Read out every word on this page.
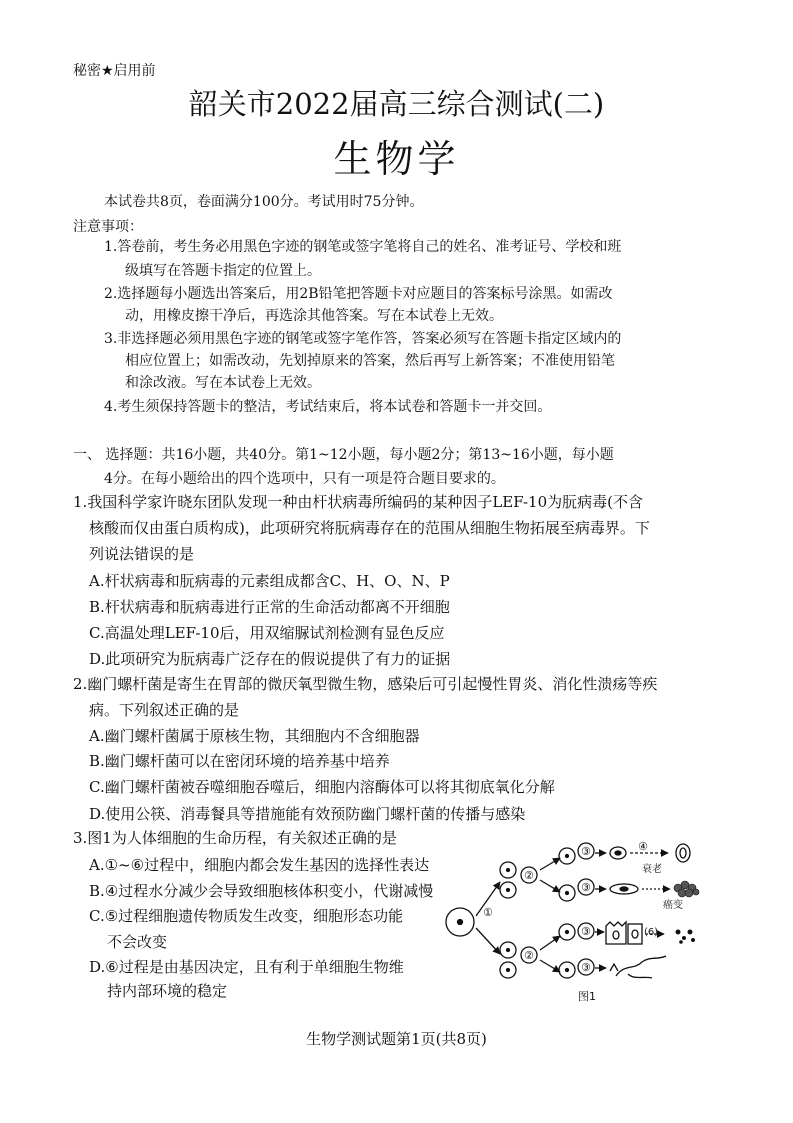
秘密★启用前
韶关市2022届高三综合测试(二)
生物学
本试卷共8页，卷面满分100分。考试用时75分钟。
注意事项：
1.答卷前，考生务必用黑色字迹的钢笔或签字笔将自己的姓名、准考证号、学校和班
级填写在答题卡指定的位置上。
2.选择题每小题选出答案后，用2B铅笔把答题卡对应题目的答案标号涂黑。如需改
动，用橡皮擦干净后，再选涂其他答案。写在本试卷上无效。
3.非选择题必须用黑色字迹的钢笔或签字笔作答，答案必须写在答题卡指定区域内的
相应位置上；如需改动，先划掉原来的答案，然后再写上新答案；不准使用铅笔
和涂改液。写在本试卷上无效。
4.考生须保持答题卡的整洁，考试结束后，将本试卷和答题卡一并交回。
一、 选择题：共16小题，共40分。第1~12小题，每小题2分；第13~16小题，每小题
4分。在每小题给出的四个选项中，只有一项是符合题目要求的。
1.我国科学家许晓东团队发现一种由杆状病毒所编码的某种因子LEF-10为朊病毒(不含
核酸而仅由蛋白质构成)，此项研究将朊病毒存在的范围从细胞生物拓展至病毒界。下
列说法错误的是
A.杆状病毒和朊病毒的元素组成都含C、H、O、N、P
B.杆状病毒和朊病毒进行正常的生命活动都离不开细胞
C.高温处理LEF-10后，用双缩脲试剂检测有显色反应
D.此项研究为朊病毒广泛存在的假说提供了有力的证据
2.幽门螺杆菌是寄生在胃部的微厌氧型微生物，感染后可引起慢性胃炎、消化性溃疡等疾
病。下列叙述正确的是
A.幽门螺杆菌属于原核生物，其细胞内不含细胞器
B.幽门螺杆菌可以在密闭环境的培养基中培养
C.幽门螺杆菌被吞噬细胞吞噬后，细胞内溶酶体可以将其彻底氧化分解
D.使用公筷、消毒餐具等措施能有效预防幽门螺杆菌的传播与感染
3.图1为人体细胞的生命历程，有关叙述正确的是
A.①~⑥过程中，细胞内都会发生基因的选择性表达
B.④过程水分减少会导致细胞核体积变小，代谢减慢
C.⑤过程细胞遗传物质发生改变，细胞形态功能
不会改变
D.⑥过程是由基因决定，且有利于单细胞生物维
持内部环境的稳定
①
②
②
③
③
③
③
④
(6)
衰老
癌变
图1
生物学测试题第1页(共8页)
